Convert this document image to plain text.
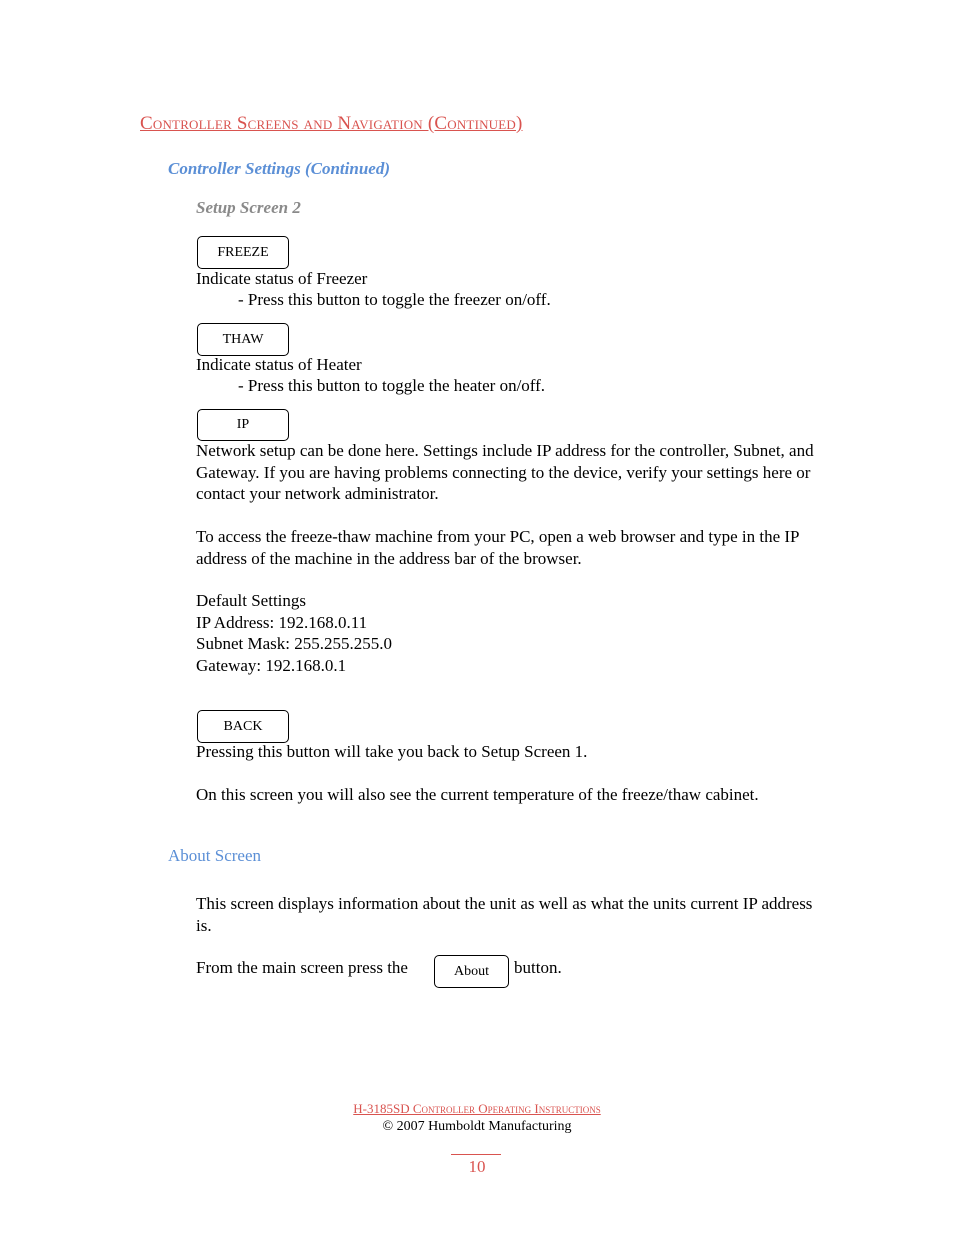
Controller Screens and Navigation (Continued)
Controller Settings (Continued)
Setup Screen 2
FREEZE
Indicate status of Freezer
- Press this button to toggle the freezer on/off.
THAW
Indicate status of Heater
- Press this button to toggle the heater on/off.
IP
Network setup can be done here. Settings include IP address for the controller, Subnet, and Gateway. If you are having problems connecting to the device, verify your settings here or contact your network administrator.
To access the freeze-thaw machine from your PC, open a web browser and type in the IP address of the machine in the address bar of the browser.
Default Settings
IP Address: 192.168.0.11
Subnet Mask: 255.255.255.0
Gateway: 192.168.0.1
BACK
Pressing this button will take you back to Setup Screen 1.
On this screen you will also see the current temperature of the freeze/thaw cabinet.
About Screen
This screen displays information about the unit as well as what the units current IP address is.
From the main screen press the	About	button.
H-3185SD Controller Operating Instructions
© 2007 Humboldt Manufacturing
10
